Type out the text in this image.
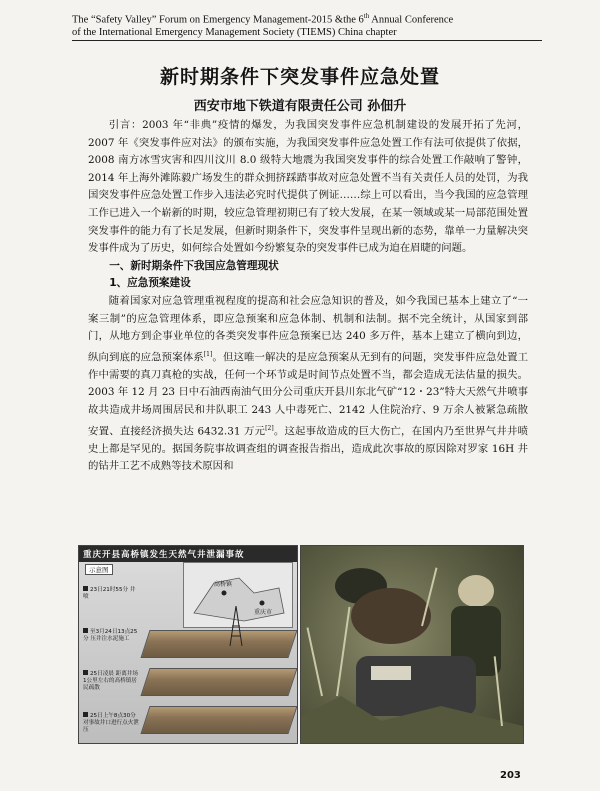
The “Safety Valley” Forum on Emergency Management-2015 &the 6th Annual Conference
of the International Emergency Management Society (TIEMS) China chapter
新时期条件下突发事件应急处置
西安市地下铁道有限责任公司 孙佃升

引言：2003 年“非典”疫情的爆发，为我国突发事件应急机制建设的发展开拓了先河，2007 年《突发事件应对法》的颁布实施，为我国突发事件应急处置工作有法可依提供了依据，2008 南方冰雪灾害和四川汶川 8.0 级特大地震为我国突发事件的综合处置工作敲响了警钟，2014 年上海外滩陈毅广场发生的群众拥挤踩踏事故对应急处置不当有关责任人员的处罚，为我国突发事件应急处置工作步入违法必究时代提供了例证……综上可以看出，当今我国的应急管理工作已进入一个崭新的时期，较应急管理初期已有了较大发展，在某一领域或某一局部范围处置突发事件的能力有了长足发展，但新时期条件下，突发事件呈现出新的态势，靠单一力量解决突发事件成为了历史，如何综合处置如今纷繁复杂的突发事件已成为迫在眉睫的问题。

一、新时期条件下我国应急管理现状
1、应急预案建设

随着国家对应急管理重视程度的提高和社会应急知识的普及，如今我国已基本上建立了“一案三制”的应急管理体系，即应急预案和应急体制、机制和法制。据不完全统计，从国家到部门，从地方到企事业单位的各类突发事件应急预案已达 240 多万件，基本上建立了横向到边，纵向到底的应急预案体系[1]。但这唯一解决的是应急预案从无到有的问题，突发事件应急处置工作中需要的真刀真枪的实战，任何一个环节或是时间节点处置不当，都会造成无法估量的损失。2003 年 12 月 23 日中石油西南油气田分公司重庆开县川东北气矿“12・23”特大天然气井喷事故共造成井场周围居民和井队职工 243 人中毒死亡、2142 人住院治疗、9 万余人被紧急疏散安置、直接经济损失达 6432.31 万元[2]。这起事故造成的巨大伤亡，在国内乃至世界气井井喷史上都是罕见的。据国务院事故调查组的调查报告指出，造成此次事故的原因除对罗家 16H 井的钻井工艺不成熟等技术原因和

重庆开县高桥镇发生天然气井泄漏事故
示意图
高桥镇
重庆市
23日21时55分 井喷
至3月24日13点25分 压井注水泥施工
25日凌晨 距离井场1公里左右的高桥镇居民疏散
25日上午8点30分 对事故井口进行点火泄压
203
